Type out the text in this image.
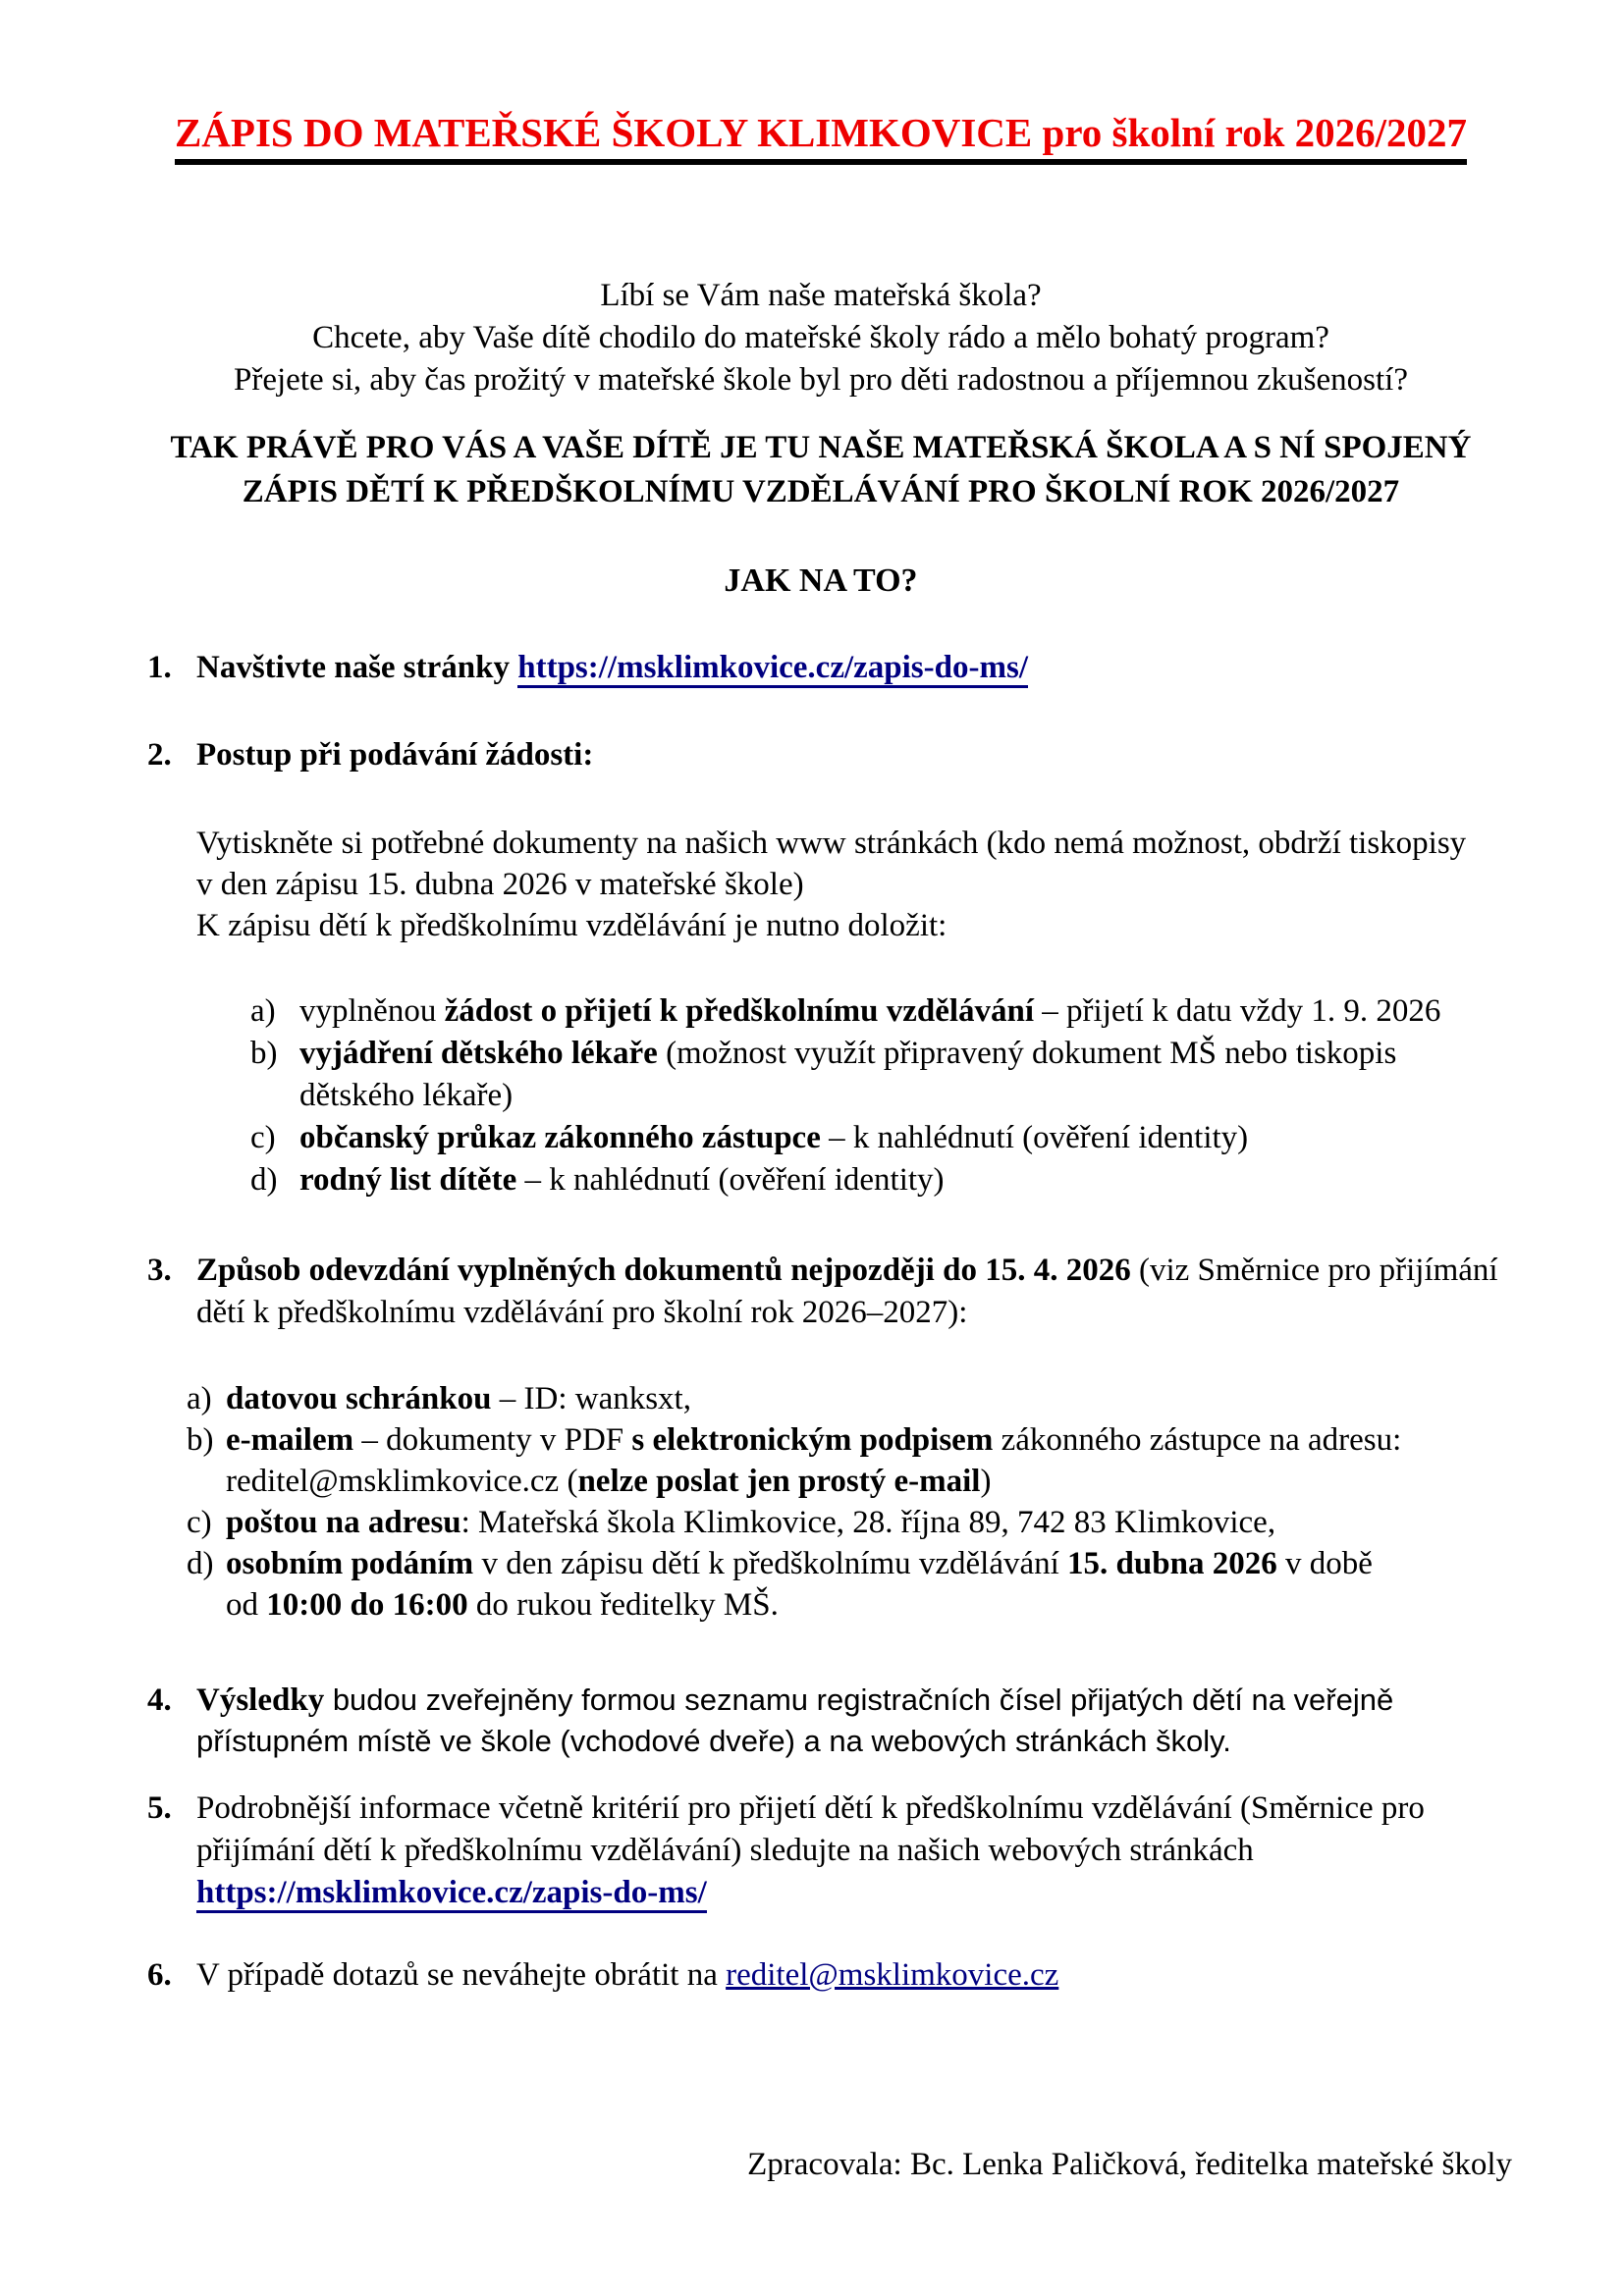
ZÁPIS DO MATEŘSKÉ ŠKOLY KLIMKOVICE pro školní rok 2026/2027
Líbí se Vám naše mateřská škola?
Chcete, aby Vaše dítě chodilo do mateřské školy rádo a mělo bohatý program?
Přejete si, aby čas prožitý v mateřské škole byl pro děti radostnou a příjemnou zkušeností?
TAK PRÁVĚ PRO VÁS A VAŠE DÍTĚ JE TU NAŠE MATEŘSKÁ ŠKOLA A S NÍ SPOJENÝ
ZÁPIS DĚTÍ K PŘEDŠKOLNÍMU VZDĚLÁVÁNÍ PRO ŠKOLNÍ ROK 2026/2027
JAK NA TO?
1. Navštivte naše stránky https://msklimkovice.cz/zapis-do-ms/
2. Postup při podávání žádosti:
Vytiskněte si potřebné dokumenty na našich www stránkách (kdo nemá možnost, obdrží tiskopisy
v den zápisu 15. dubna 2026 v mateřské škole)
K zápisu dětí k předškolnímu vzdělávání je nutno doložit:
a) vyplněnou žádost o přijetí k předškolnímu vzdělávání – přijetí k datu vždy 1. 9. 2026
b) vyjádření dětského lékaře (možnost využít připravený dokument MŠ nebo tiskopis dětského lékaře)
c) občanský průkaz zákonného zástupce – k nahlédnutí (ověření identity)
d) rodný list dítěte – k nahlédnutí (ověření identity)
3. Způsob odevzdání vyplněných dokumentů nejpozději do 15. 4. 2026 (viz Směrnice pro přijímání dětí k předškolnímu vzdělávání pro školní rok 2026–2027):
a) datovou schránkou – ID: wanksxt,
b) e-mailem – dokumenty v PDF s elektronickým podpisem zákonného zástupce na adresu:
reditel@msklimkovice.cz (nelze poslat jen prostý e-mail)
c) poštou na adresu: Mateřská škola Klimkovice, 28. října 89, 742 83 Klimkovice,
d) osobním podáním v den zápisu dětí k předškolnímu vzdělávání 15. dubna 2026 v době
od 10:00 do 16:00 do rukou ředitelky MŠ.
4. Výsledky budou zveřejněny formou seznamu registračních čísel přijatých dětí na veřejně přístupném místě ve škole (vchodové dveře) a na webových stránkách školy.
5. Podrobnější informace včetně kritérií pro přijetí dětí k předškolnímu vzdělávání (Směrnice pro přijímání dětí k předškolnímu vzdělávání) sledujte na našich webových stránkách
https://msklimkovice.cz/zapis-do-ms/
6. V případě dotazů se neváhejte obrátit na reditel@msklimkovice.cz
Zpracovala: Bc. Lenka Paličková, ředitelka mateřské školy
